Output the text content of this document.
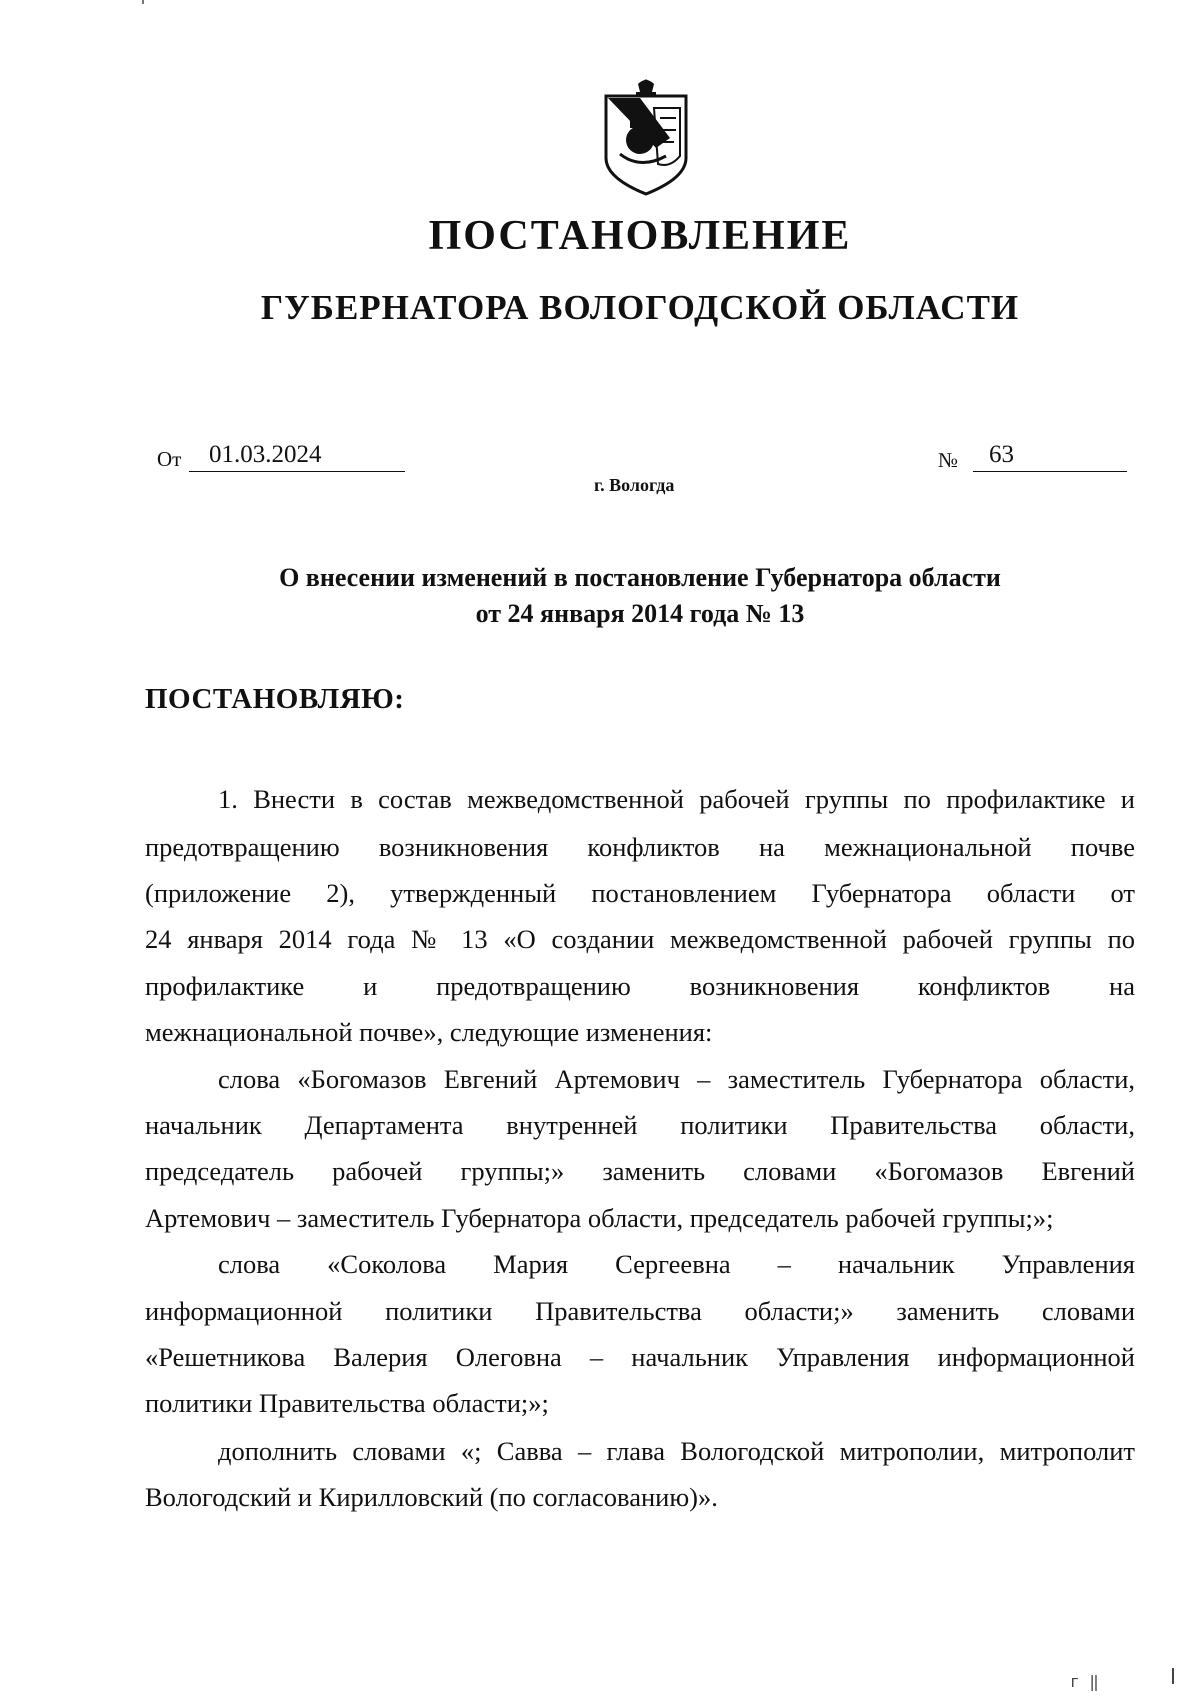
ПОСТАНОВЛЕНИЕ
ГУБЕРНАТОРА ВОЛОГОДСКОЙ ОБЛАСТИ
От	01.03.2024	№	63
г. Вологда
О внесении изменений в постановление Губернатора области
от 24 января 2014 года № 13
ПОСТАНОВЛЯЮ:
1. Внести в состав межведомственной рабочей группы по профилактике и
предотвращению возникновения конфликтов на межнациональной почве
(приложение 2), утвержденный постановлением Губернатора области от
24 января 2014 года № 13 «О создании межведомственной рабочей группы по
профилактике и предотвращению возникновения конфликтов на
межнациональной почве», следующие изменения:
слова «Богомазов Евгений Артемович – заместитель Губернатора области,
начальник Департамента внутренней политики Правительства области,
председатель рабочей группы;» заменить словами «Богомазов Евгений
Артемович – заместитель Губернатора области, председатель рабочей группы;»;
слова «Соколова Мария Сергеевна – начальник Управления
информационной политики Правительства области;» заменить словами
«Решетникова Валерия Олеговна – начальник Управления информационной
политики Правительства области;»;
дополнить словами «; Савва – глава Вологодской митрополии, митрополит
Вологодский и Кирилловский (по согласованию)».
г ‖
